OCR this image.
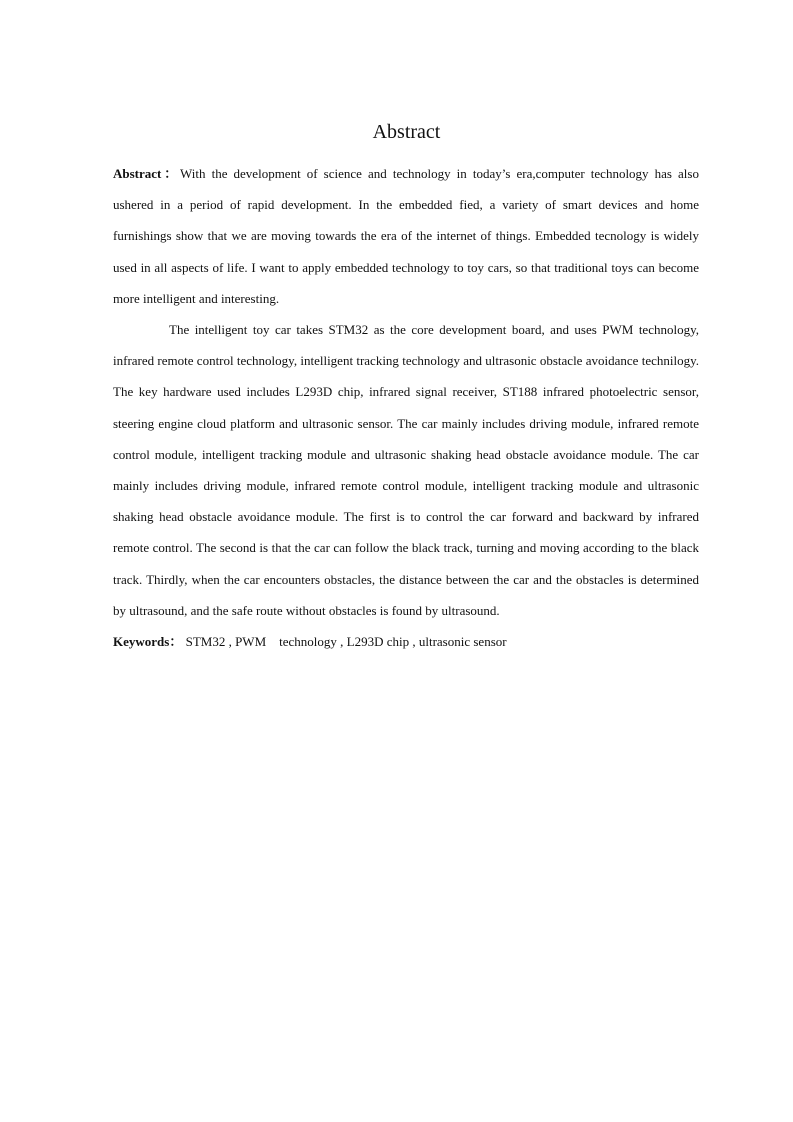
Abstract

Abstract：With the development of science and technology in today’s era,computer technology has also ushered in a period of rapid development. In the embedded fied, a variety of smart devices and home furnishings show that we are moving towards the era of the internet of things. Embedded tecnology is widely used in all aspects of life. I want to apply embedded technology to toy cars, so that traditional toys can become more intelligent and interesting.

The intelligent toy car takes STM32 as the core development board, and uses PWM technology, infrared remote control technology, intelligent tracking technology and ultrasonic obstacle avoidance technilogy. The key hardware used includes L293D chip, infrared signal receiver, ST188 infrared photoelectric sensor, steering engine cloud platform and ultrasonic sensor. The car mainly includes driving module, infrared remote control module, intelligent tracking module and ultrasonic shaking head obstacle avoidance module. The car mainly includes driving module, infrared remote control module, intelligent tracking module and ultrasonic shaking head obstacle avoidance module. The first is to control the car forward and backward by infrared remote control. The second is that the car can follow the black track, turning and moving according to the black track. Thirdly, when the car encounters obstacles, the distance between the car and the obstacles is determined by ultrasound, and the safe route without obstacles is found by ultrasound.

Keywords： STM32 , PWM    technology , L293D chip , ultrasonic sensor
